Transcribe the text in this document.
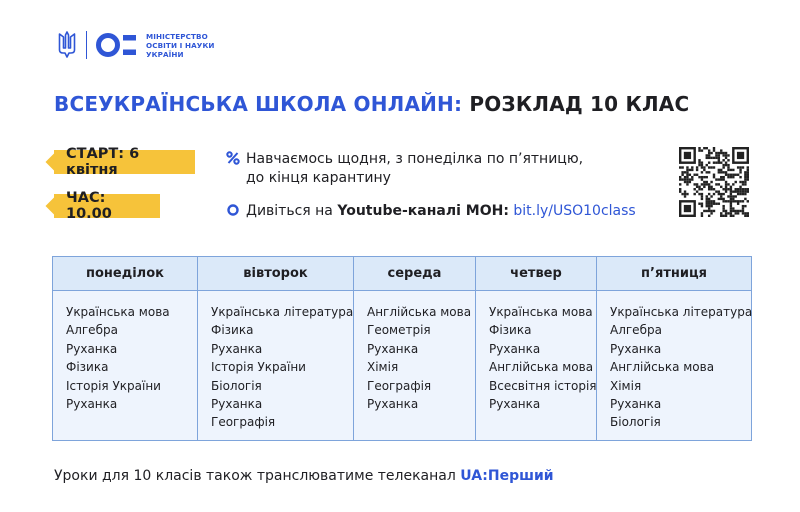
МІНІСТЕРСТВО
ОСВІТИ І НАУКИ
УКРАЇНИ
ВСЕУКРАЇНСЬКА ШКОЛА ОНЛАЙН: РОЗКЛАД 10 КЛАС
СТАРТ: 6 квітня
ЧАС: 10.00
Навчаємось щодня, з понеділка по п’ятницю,
до кінця карантину
Дивіться на Youtube-каналі МОН: bit.ly/USO10class
понеділок
Українська мова
Алгебра
Руханка
Фізика
Історія України
Руханка
вівторок
Українська література
Фізика
Руханка
Історія України
Біологія
Руханка
Географія
середа
Англійська мова
Геометрія
Руханка
Хімія
Географія
Руханка
четвер
Українська мова
Фізика
Руханка
Англійська мова
Всесвітня історія
Руханка
п’ятниця
Українська література
Алгебра
Руханка
Англійська мова
Хімія
Руханка
Біологія
Уроки для 10 класів також транслюватиме телеканал UA:Перший
